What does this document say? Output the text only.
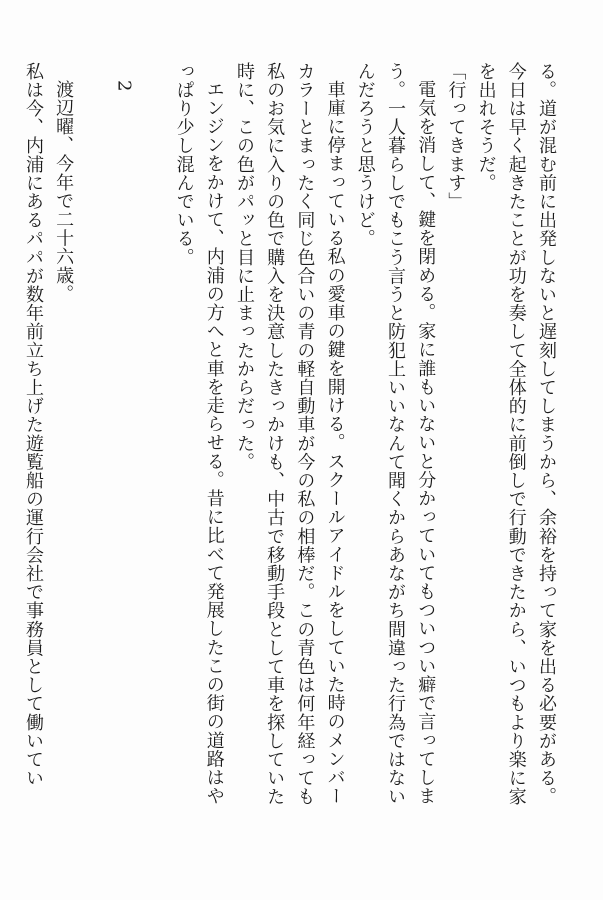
る。道が混む前に出発しないと遅刻してしまうから、余裕を持って家を出る必要がある。
今日は早く起きたことが功を奏して全体的に前倒しで行動できたから、いつもより楽に家
を出れそうだ。
「行ってきます」
電気を消して、鍵を閉める。家に誰もいないと分かっていてもついつい癖で言ってしま
う。一人暮らしでもこう言うと防犯上いいなんて聞くからあながち間違った行為ではない
んだろうと思うけど。
車庫に停まっている私の愛車の鍵を開ける。スクールアイドルをしていた時のメンバー
カラーとまったく同じ色合いの青の軽自動車が今の私の相棒だ。この青色は何年経っても
私のお気に入りの色で購入を決意したきっかけも、中古で移動手段として車を探していた
時に、この色がパッと目に止まったからだった。
エンジンをかけて、内浦の方へと車を走らせる。昔に比べて発展したこの街の道路はや
っぱり少し混んでいる。
2
渡辺曜、今年で二十六歳。
私は今、内浦にあるパパが数年前立ち上げた遊覧船の運行会社で事務員として働いてい
